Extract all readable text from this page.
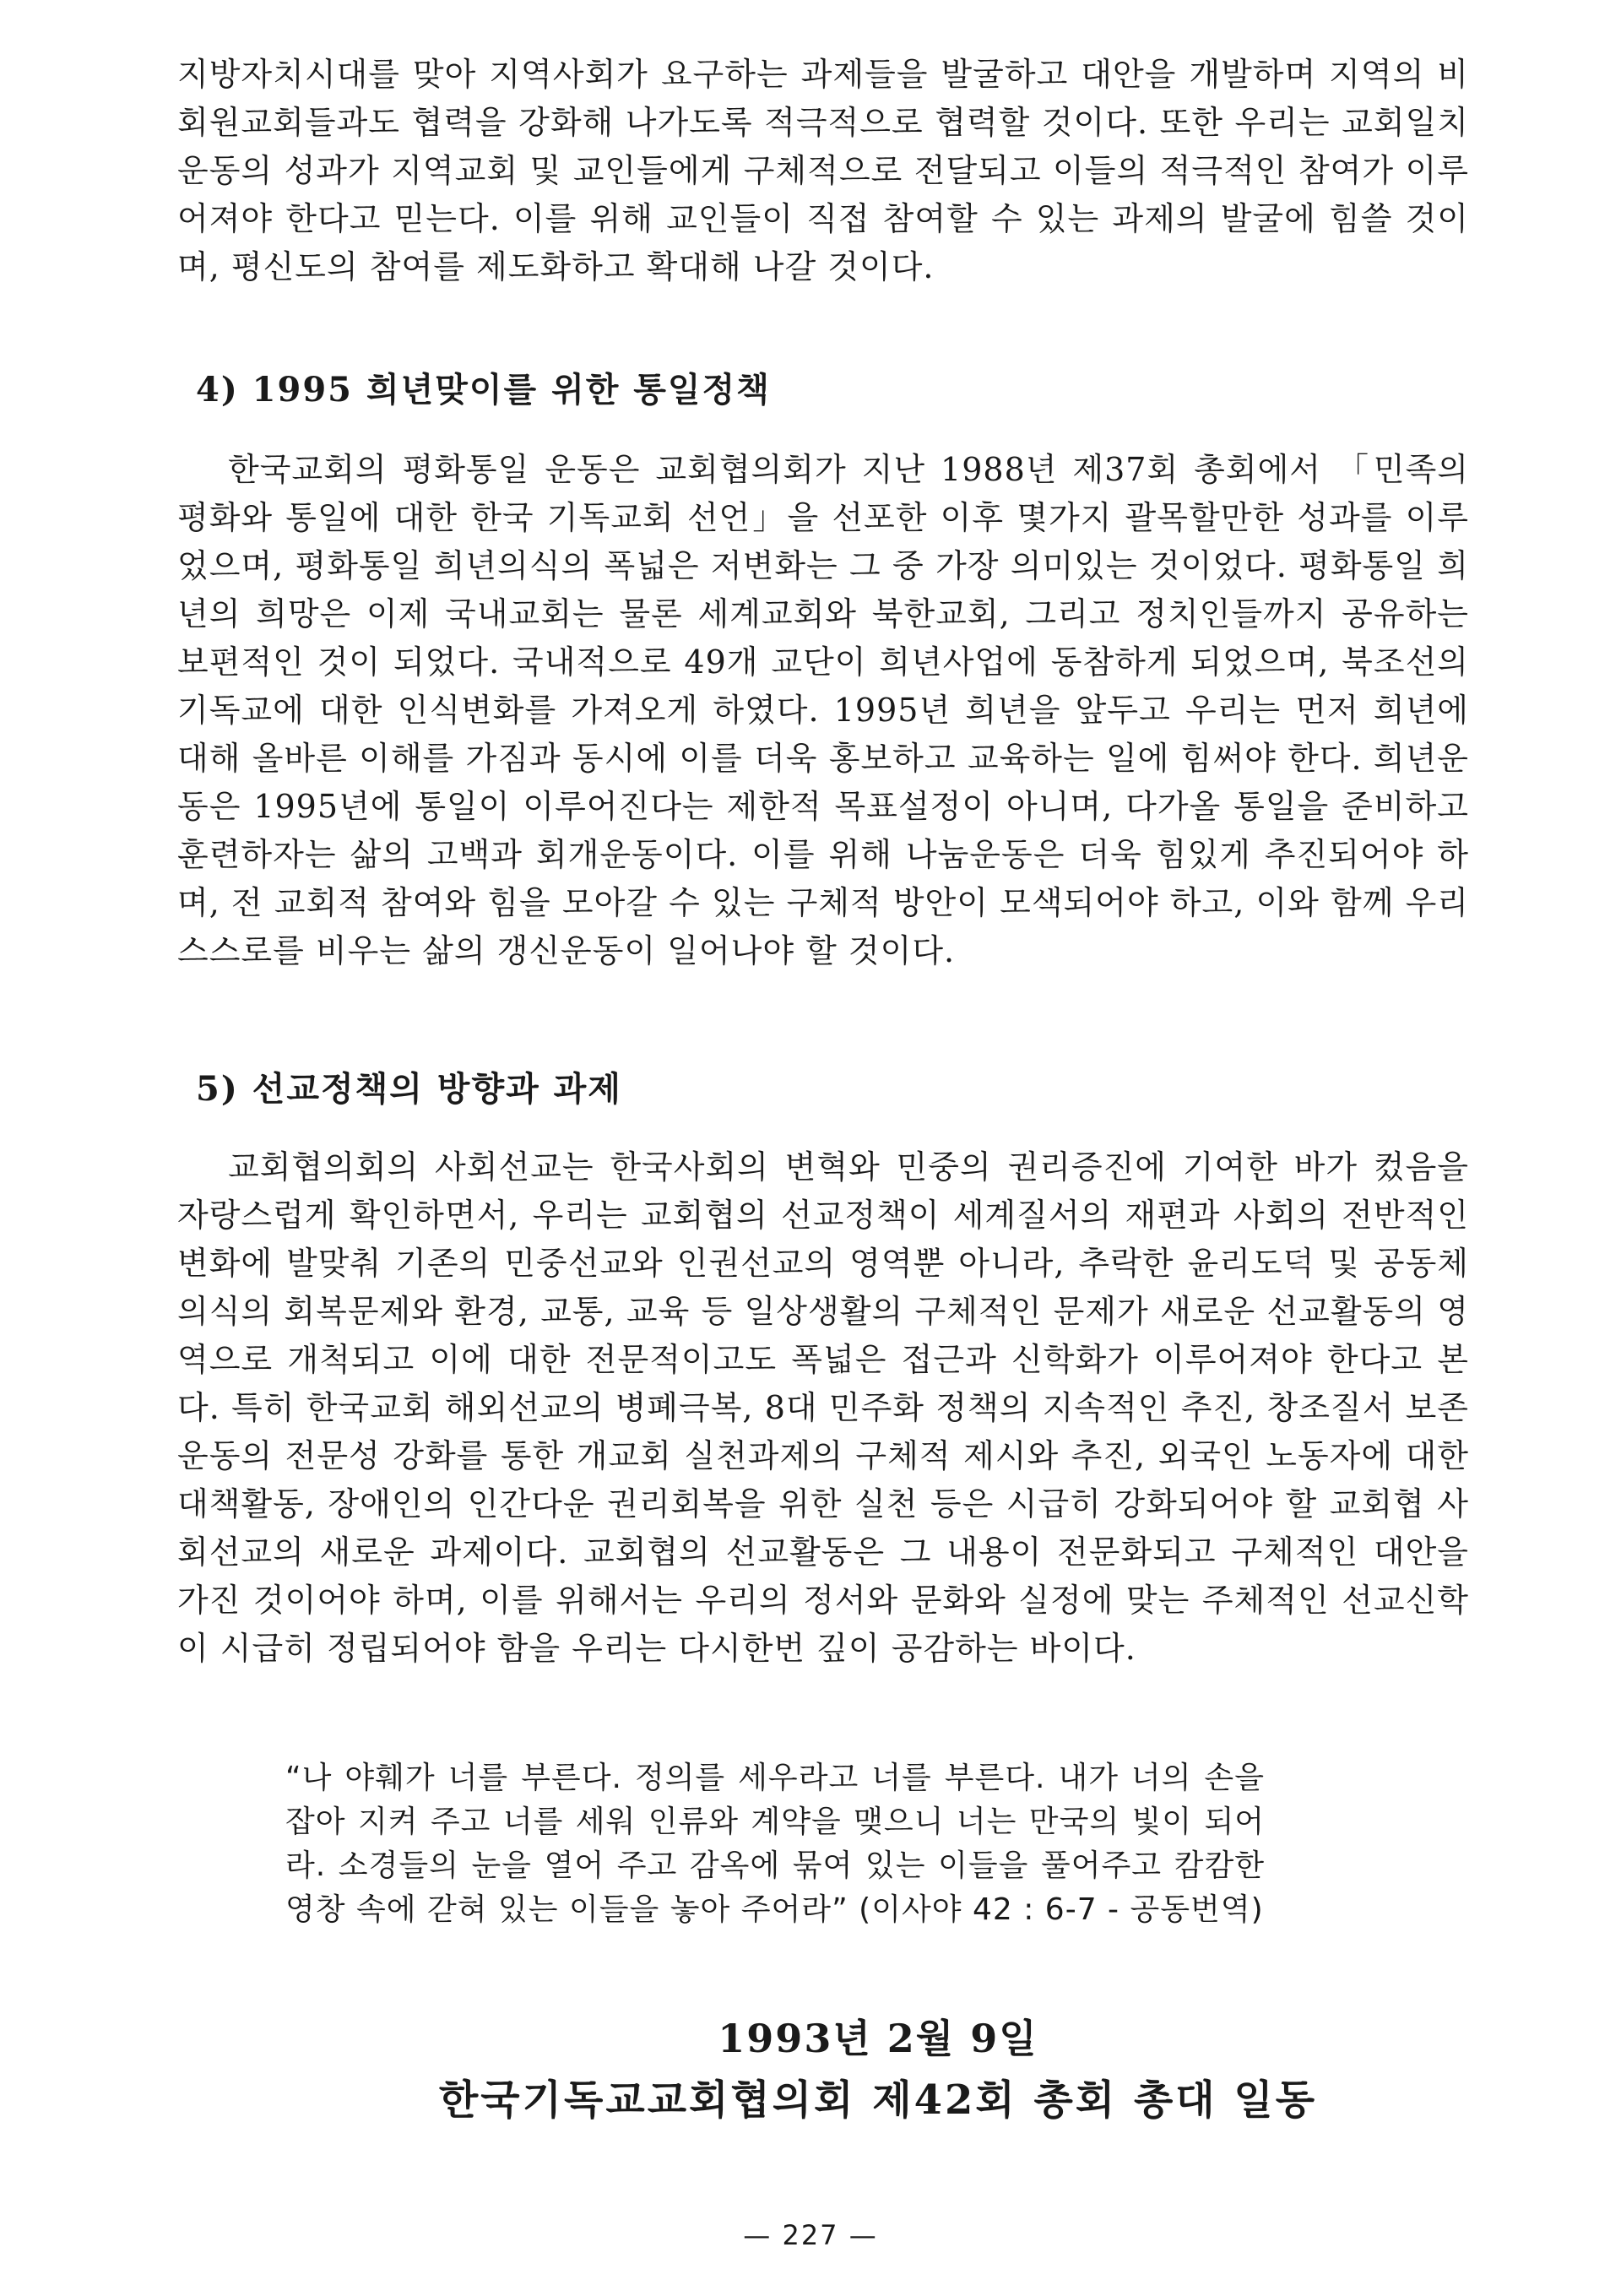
지방자치시대를 맞아 지역사회가 요구하는 과제들을 발굴하고 대안을 개발하며 지역의 비회원교회들과도 협력을 강화해 나가도록 적극적으로 협력할 것이다. 또한 우리는 교회일치운동의 성과가 지역교회 및 교인들에게 구체적으로 전달되고 이들의 적극적인 참여가 이루어져야 한다고 믿는다. 이를 위해 교인들이 직접 참여할 수 있는 과제의 발굴에 힘쓸 것이며, 평신도의 참여를 제도화하고 확대해 나갈 것이다.

4) 1995 희년맞이를 위한 통일정책

한국교회의 평화통일 운동은 교회협의회가 지난 1988년 제37회 총회에서 「민족의 평화와 통일에 대한 한국 기독교회 선언」을 선포한 이후 몇가지 괄목할만한 성과를 이루었으며, 평화통일 희년의식의 폭넓은 저변화는 그 중 가장 의미있는 것이었다. 평화통일 희년의 희망은 이제 국내교회는 물론 세계교회와 북한교회, 그리고 정치인들까지 공유하는 보편적인 것이 되었다. 국내적으로 49개 교단이 희년사업에 동참하게 되었으며, 북조선의 기독교에 대한 인식변화를 가져오게 하였다. 1995년 희년을 앞두고 우리는 먼저 희년에 대해 올바른 이해를 가짐과 동시에 이를 더욱 홍보하고 교육하는 일에 힘써야 한다. 희년운동은 1995년에 통일이 이루어진다는 제한적 목표설정이 아니며, 다가올 통일을 준비하고 훈련하자는 삶의 고백과 회개운동이다. 이를 위해 나눔운동은 더욱 힘있게 추진되어야 하며, 전 교회적 참여와 힘을 모아갈 수 있는 구체적 방안이 모색되어야 하고, 이와 함께 우리 스스로를 비우는 삶의 갱신운동이 일어나야 할 것이다.

5) 선교정책의 방향과 과제

교회협의회의 사회선교는 한국사회의 변혁와 민중의 권리증진에 기여한 바가 컸음을 자랑스럽게 확인하면서, 우리는 교회협의 선교정책이 세계질서의 재편과 사회의 전반적인 변화에 발맞춰 기존의 민중선교와 인권선교의 영역뿐 아니라, 추락한 윤리도덕 및 공동체 의식의 회복문제와 환경, 교통, 교육 등 일상생활의 구체적인 문제가 새로운 선교활동의 영역으로 개척되고 이에 대한 전문적이고도 폭넓은 접근과 신학화가 이루어져야 한다고 본다. 특히 한국교회 해외선교의 병폐극복, 8대 민주화 정책의 지속적인 추진, 창조질서 보존운동의 전문성 강화를 통한 개교회 실천과제의 구체적 제시와 추진, 외국인 노동자에 대한 대책활동, 장애인의 인간다운 권리회복을 위한 실천 등은 시급히 강화되어야 할 교회협 사회선교의 새로운 과제이다. 교회협의 선교활동은 그 내용이 전문화되고 구체적인 대안을 가진 것이어야 하며, 이를 위해서는 우리의 정서와 문화와 실정에 맞는 주체적인 선교신학이 시급히 정립되어야 함을 우리는 다시한번 깊이 공감하는 바이다.

“나 야훼가 너를 부른다. 정의를 세우라고 너를 부른다. 내가 너의 손을 잡아 지켜 주고 너를 세워 인류와 계약을 맺으니 너는 만국의 빛이 되어라. 소경들의 눈을 열어 주고 감옥에 묶여 있는 이들을 풀어주고 캄캄한 영창 속에 갇혀 있는 이들을 놓아 주어라” (이사야 42 : 6-7 - 공동번역)

1993년 2월 9일
한국기독교교회협의회 제42회 총회 총대 일동
— 227 —
